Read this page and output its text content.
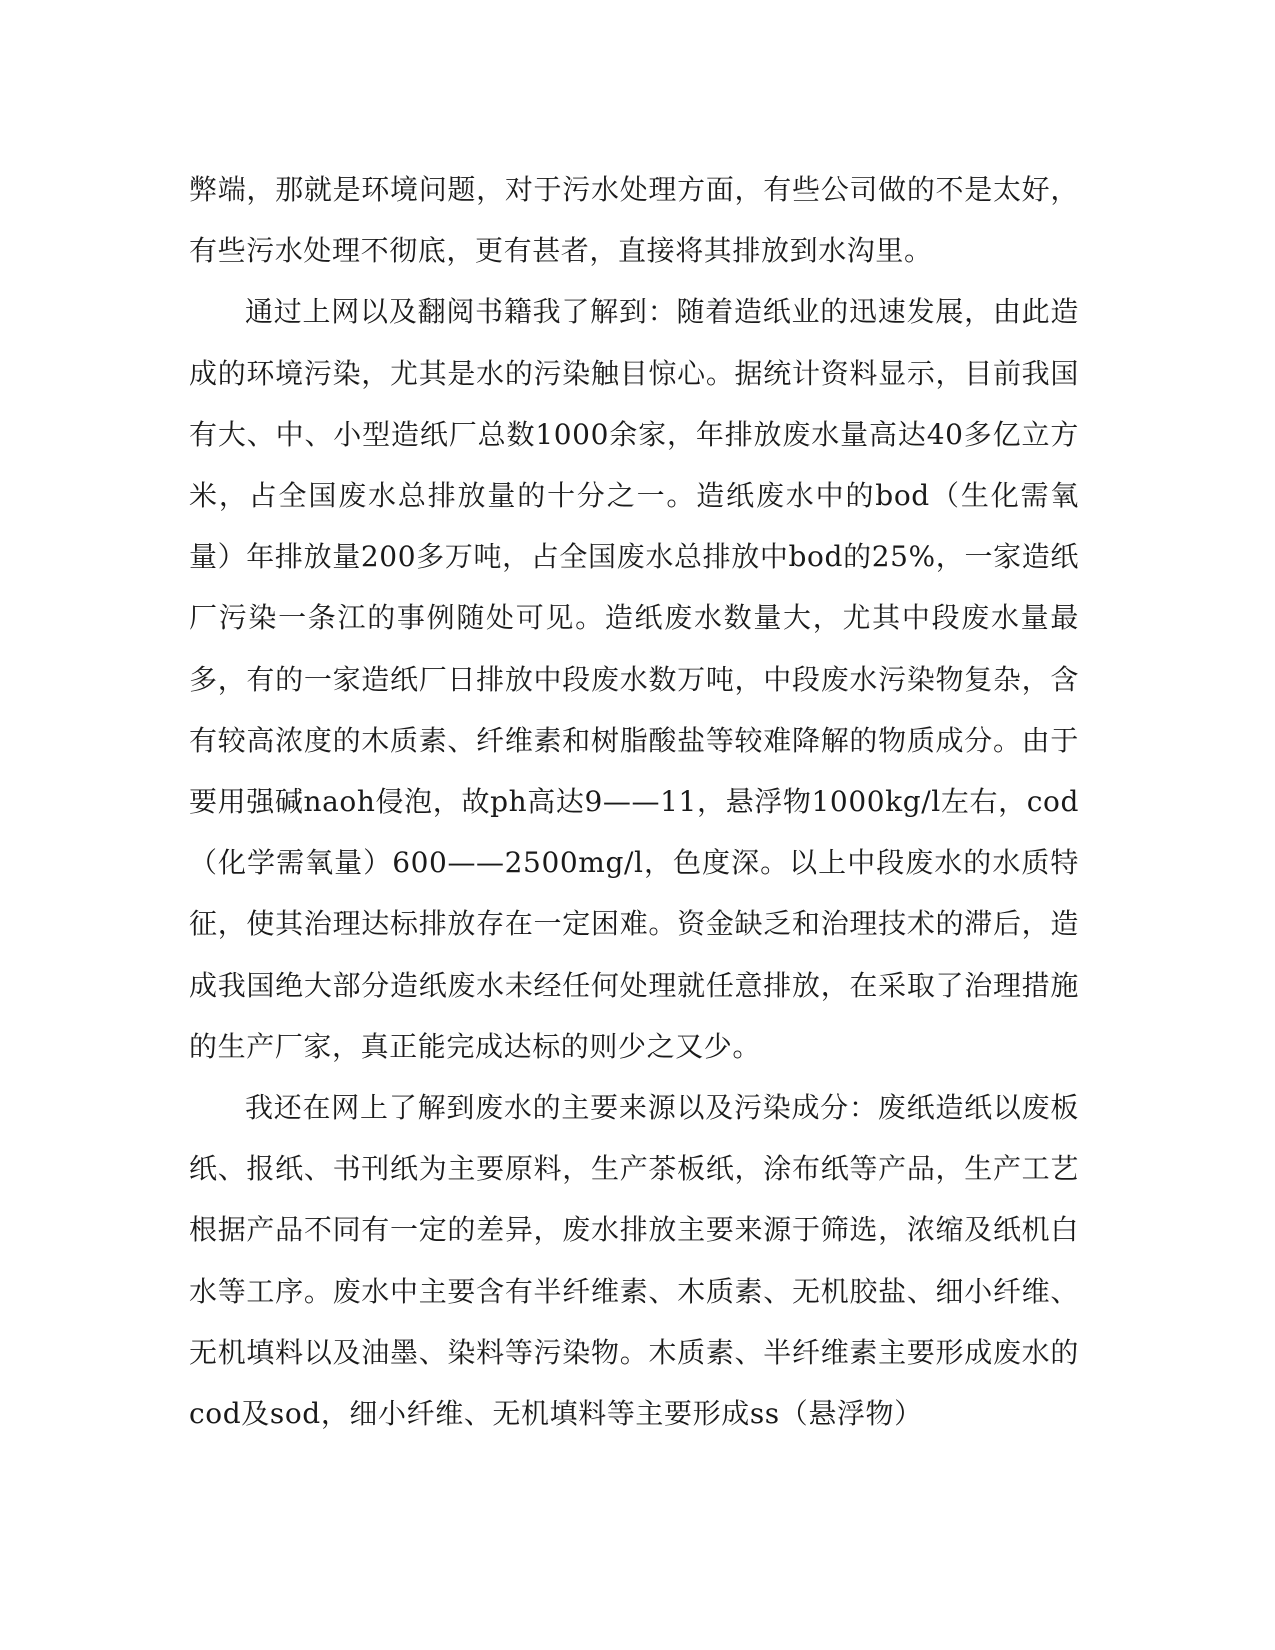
弊端，那就是环境问题，对于污水处理方面，有些公司做的不是太好，有些污水处理不彻底，更有甚者，直接将其排放到水沟里。

通过上网以及翻阅书籍我了解到：随着造纸业的迅速发展，由此造成的环境污染，尤其是水的污染触目惊心。据统计资料显示，目前我国有大、中、小型造纸厂总数1000余家，年排放废水量高达40多亿立方米，占全国废水总排放量的十分之一。造纸废水中的bod（生化需氧量）年排放量200多万吨，占全国废水总排放中bod的25%，一家造纸厂污染一条江的事例随处可见。造纸废水数量大，尤其中段废水量最多，有的一家造纸厂日排放中段废水数万吨，中段废水污染物复杂，含有较高浓度的木质素、纤维素和树脂酸盐等较难降解的物质成分。由于要用强碱naoh侵泡，故ph高达9——11，悬浮物1000kg/l左右，cod（化学需氧量）600——2500mg/l，色度深。以上中段废水的水质特征，使其治理达标排放存在一定困难。资金缺乏和治理技术的滞后，造成我国绝大部分造纸废水未经任何处理就任意排放，在采取了治理措施的生产厂家，真正能完成达标的则少之又少。

我还在网上了解到废水的主要来源以及污染成分：废纸造纸以废板纸、报纸、书刊纸为主要原料，生产茶板纸，涂布纸等产品，生产工艺根据产品不同有一定的差异，废水排放主要来源于筛选，浓缩及纸机白水等工序。废水中主要含有半纤维素、木质素、无机胶盐、细小纤维、无机填料以及油墨、染料等污染物。木质素、半纤维素主要形成废水的cod及sod，细小纤维、无机填料等主要形成ss（悬浮物）
